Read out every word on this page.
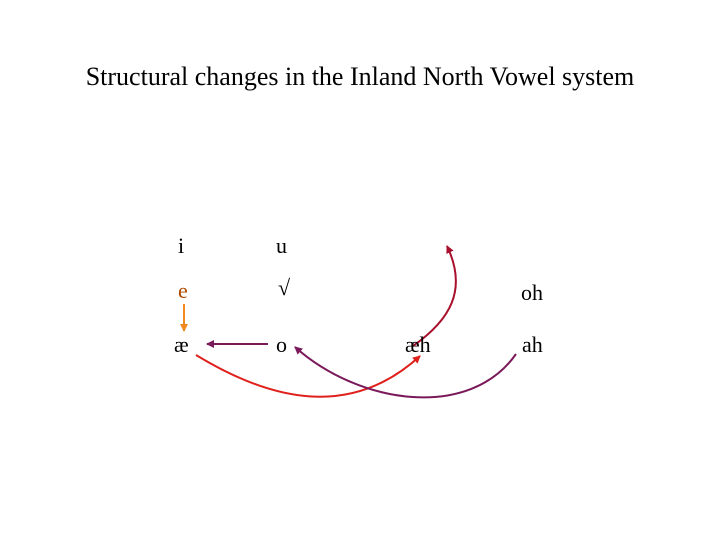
Structural changes in the Inland North Vowel system
i	u
e	√	oh
æ	o	æh	ah
